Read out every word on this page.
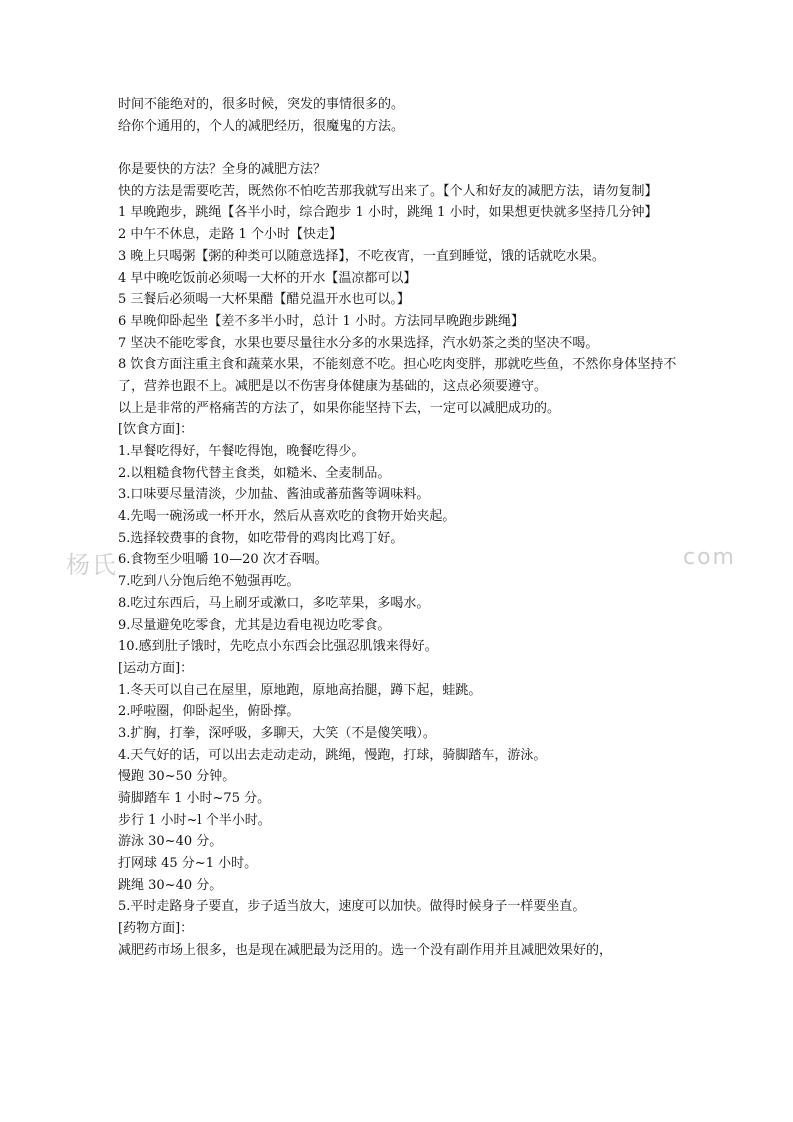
杨氏	com
时间不能绝对的，很多时候，突发的事情很多的。
给你个通用的，个人的减肥经历，很魔鬼的方法。
你是要快的方法？全身的减肥方法？
快的方法是需要吃苦，既然你不怕吃苦那我就写出来了。【个人和好友的减肥方法，请勿复制】
1 早晚跑步，跳绳【各半小时，综合跑步 1 小时，跳绳 1 小时，如果想更快就多坚持几分钟】
2 中午不休息，走路 1 个小时【快走】
3 晚上只喝粥【粥的种类可以随意选择】，不吃夜宵，一直到睡觉，饿的话就吃水果。
4 早中晚吃饭前必须喝一大杯的开水【温凉都可以】
5 三餐后必须喝一大杯果醋【醋兑温开水也可以。】
6 早晚仰卧起坐【差不多半小时，总计 1 小时。方法同早晚跑步跳绳】
7 坚决不能吃零食，水果也要尽量往水分多的水果选择，汽水奶茶之类的坚决不喝。
8 饮食方面注重主食和蔬菜水果，不能刻意不吃。担心吃肉变胖，那就吃些鱼，不然你身体坚持不了，营养也跟不上。减肥是以不伤害身体健康为基础的，这点必须要遵守。
以上是非常的严格痛苦的方法了，如果你能坚持下去，一定可以减肥成功的。
[饮食方面]：
1.早餐吃得好，午餐吃得饱，晚餐吃得少。
2.以粗糙食物代替主食类，如糙米、全麦制品。
3.口味要尽量清淡，少加盐、酱油或蕃茄酱等调味料。
4.先喝一碗汤或一杯开水，然后从喜欢吃的食物开始夹起。
5.选择较费事的食物，如吃带骨的鸡肉比鸡丁好。
6.食物至少咀嚼 10—20 次才吞咽。
7.吃到八分饱后绝不勉强再吃。
8.吃过东西后，马上刷牙或漱口，多吃苹果，多喝水。
9.尽量避免吃零食，尤其是边看电视边吃零食。
10.感到肚子饿时，先吃点小东西会比强忍肌饿来得好。
[运动方面]：
1.冬天可以自己在屋里，原地跑，原地高抬腿，蹲下起，蛙跳。
2.呼啦圈，仰卧起坐，俯卧撑。
3.扩胸，打拳，深呼吸，多聊天，大笑（不是傻笑哦）。
4.天气好的话，可以出去走动走动，跳绳，慢跑，打球，骑脚踏车，游泳。
慢跑 30~50 分钟。
骑脚踏车 1 小时~75 分。
步行 1 小时~l 个半小时。
游泳 30~40 分。
打网球 45 分~1 小时。
跳绳 30~40 分。
5.平时走路身子要直，步子适当放大，速度可以加快。做得时候身子一样要坐直。
[药物方面]：
减肥药市场上很多，也是现在减肥最为泛用的。选一个没有副作用并且减肥效果好的，
